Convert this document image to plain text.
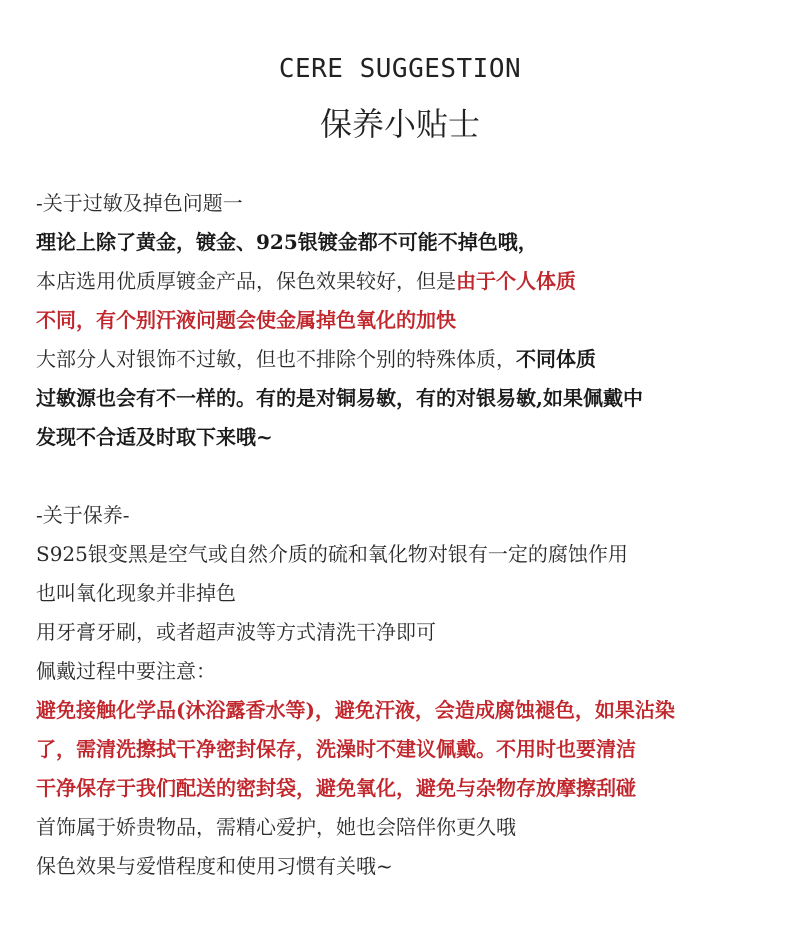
CERE SUGGESTION
保养小贴士
-关于过敏及掉色问题一
理论上除了黄金，镀金、925银镀金都不可能不掉色哦，
本店选用优质厚镀金产品，保色效果较好，但是由于个人体质
不同，有个别汗液问题会使金属掉色氧化的加快
大部分人对银饰不过敏，但也不排除个别的特殊体质，不同体质
过敏源也会有不一样的。有的是对铜易敏，有的对银易敏,如果佩戴中
发现不合适及时取下来哦~
-关于保养-
S925银变黑是空气或自然介质的硫和氧化物对银有一定的腐蚀作用
也叫氧化现象并非掉色
用牙膏牙刷，或者超声波等方式清洗干净即可
佩戴过程中要注意：
避免接触化学品(沐浴露香水等)，避免汗液，会造成腐蚀褪色，如果沾染
了，需清洗擦拭干净密封保存，洗澡时不建议佩戴。不用时也要清洁
干净保存于我们配送的密封袋，避免氧化，避免与杂物存放摩擦刮碰
首饰属于娇贵物品，需精心爱护，她也会陪伴你更久哦
保色效果与爱惜程度和使用习惯有关哦~
